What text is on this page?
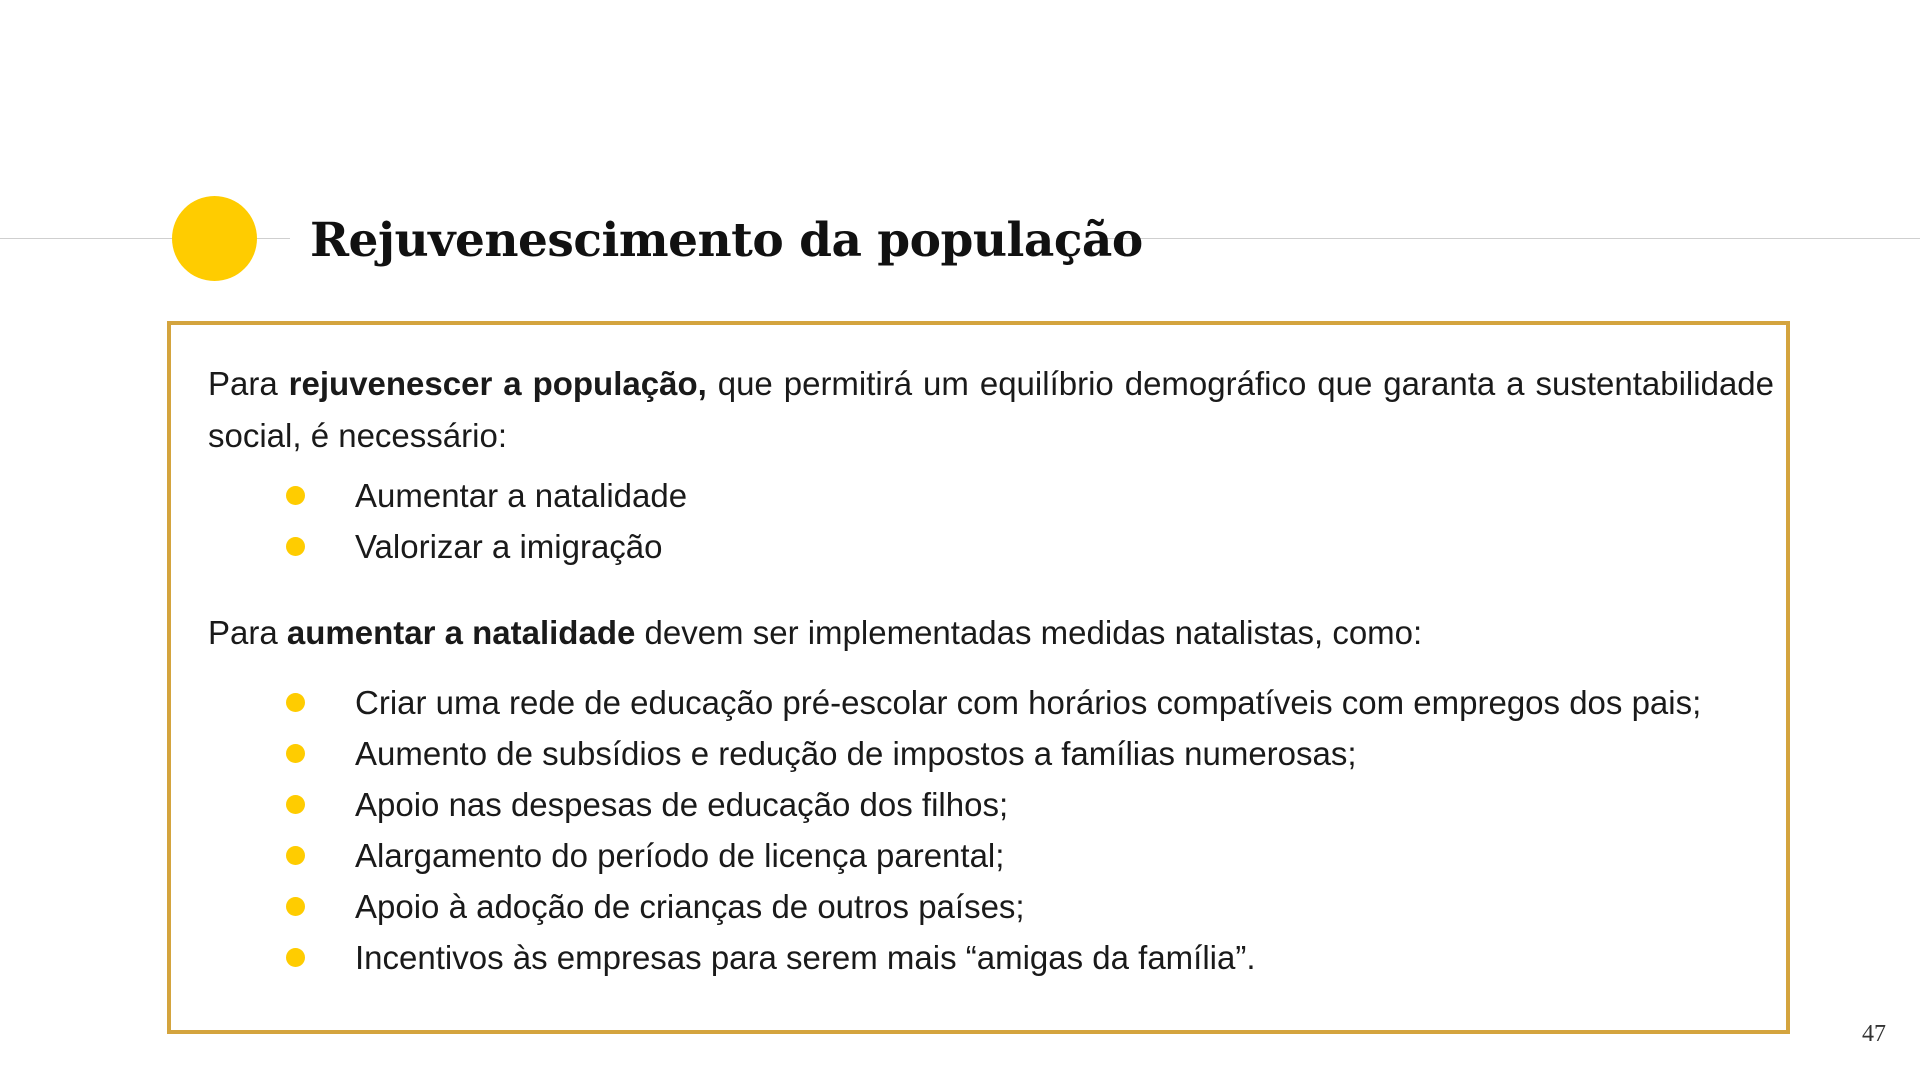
Rejuvenescimento da população

Para rejuvenescer a população, que permitirá um equilíbrio demográfico que garanta a sustentabilidade social, é necessário:

Aumentar a natalidade
Valorizar a imigração

Para aumentar a natalidade devem ser implementadas medidas natalistas, como:

Criar uma rede de educação pré-escolar com horários compatíveis com empregos dos pais;
Aumento de subsídios e redução de impostos a famílias numerosas;
Apoio nas despesas de educação dos filhos;
Alargamento do período de licença parental;
Apoio à adoção de crianças de outros países;
Incentivos às empresas para serem mais “amigas da família”.
47
